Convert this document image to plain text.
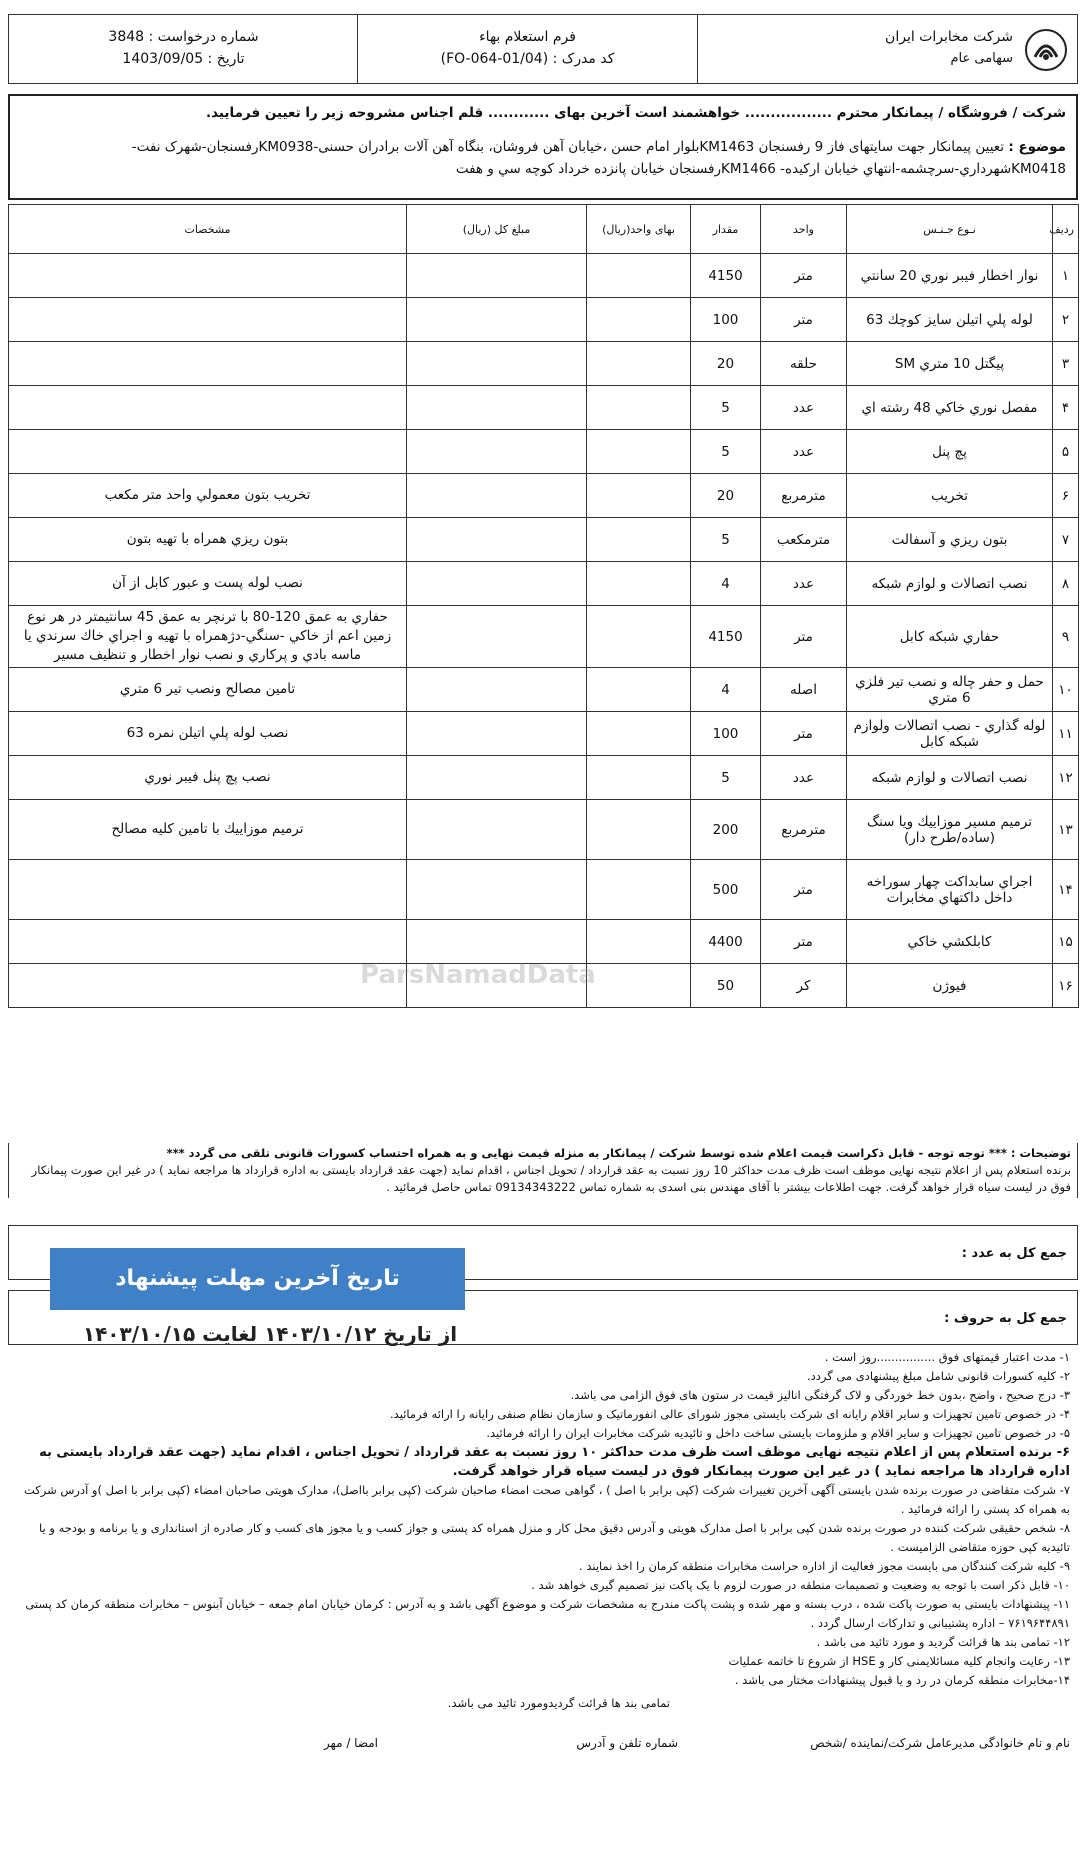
شرکت مخابرات ایران
سهامی عام
فرم استعلام بهاء
کد مدرک : (FO-064-01/04)
شماره درخواست : 3848
تاریخ : 1403/09/05
شرکت / فروشگاه / پیمانکار محترم ................. خواهشمند است آخرین بهای ............ قلم اجناس مشروحه زیر را تعیین فرمایید.
موضوع : تعیین پیمانکار جهت سایتهای فاز 9 رفسنجان KM1463بلوار امام حسن ،خیابان آهن فروشان، بنگاه آهن آلات برادران حسنی-KM0938رفسنجان-شهرک نفت- KM0418شهرداري-سرچشمه-انتهاي خيابان اركيده- KM1466رفسنجان خيابان پانزده خرداد كوچه سي و هفت
ردیف	نـوع جـنـس	واحد	مقدار	بهای واحد(ریال)	مبلغ کل (ریال)	مشخصات
۱	نوار اخطار فیبر نوري 20 سانتي	متر	4150			
۲	لوله پلي اتيلن سايز كوچك 63	متر	100			
۳	پيگتل 10 متري SM	حلقه	20			
۴	مفصل نوري خاكي 48 رشته اي	عدد	5			
۵	پچ پنل	عدد	5			
۶	تخريب	مترمربع	20			تخريب بتون معمولي واحد متر مكعب
۷	بتون ريزي و آسفالت	مترمکعب	5			بتون ريزي همراه با تهيه بتون
۸	نصب اتصالات و لوازم شبکه	عدد	4			نصب لوله پست و عبور كابل از آن
۹	حفاري شبكه كابل	متر	4150			حفاري به عمق 120-80 با ترنچر به عمق 45 سانتيمتر در هر نوع زمين اعم از خاكي -سنگي-دژهمراه با تهيه و اجراي خاك سرندي يا ماسه بادي و پركاري و نصب نوار اخطار و تنظيف مسير
۱۰	حمل و حفر چاله و نصب تير فلزي 6 متري	اصله	4			تامين مصالح ونصب تير 6 متري
۱۱	لوله گذاري - نصب اتصالات ولوازم شبكه كابل	متر	100			نصب لوله پلي اتيلن نمره 63
۱۲	نصب اتصالات و لوازم شبکه	عدد	5			نصب پچ پنل فيبر نوري
۱۳	ترميم مسير موزاييك ويا سنگ (ساده/طرح دار)	مترمربع	200			ترميم موزاييك با تامين كليه مصالح
۱۴	اجراي سابداكت چهار سوراخه داخل داكتهاي مخابرات	متر	500			
۱۵	كابلكشي خاكي	متر	4400			
۱۶	فيوژن	کر	50			
ParsNamadData
توضیحات : *** توجه توجه - قابل ذکراست قیمت اعلام شده توسط شرکت / پیمانکار به منزله قیمت نهایی و به همراه احتساب کسورات قانونی تلقی می گردد ***
برنده استعلام پس از اعلام نتیجه نهایی موظف است ظرف مدت حداکثر 10 روز نسبت به عقد قرارداد / تحویل اجناس ، اقدام نماید (جهت عقد قرارداد بایستی به اداره قرارداد ها مراجعه نماید ) در غیر این صورت پیمانکار فوق در لیست سیاه قرار خواهد گرفت. جهت اطلاعات بیشتر با آقای مهندس بنی اسدی به شماره تماس 09134343222 تماس حاصل فرمائید .
جمع کل به عدد :
جمع کل به حروف :
تاریخ آخرین مهلت پیشنهاد
از تاریخ ۱۴۰۳/۱۰/۱۲ لغایت ۱۴۰۳/۱۰/۱۵

۱- مدت اعتبار قیمتهای فوق ................روز است .

۲- کلیه کسورات قانونی شامل مبلغ پیشنهادی می گردد.

۳- درج صحیح ، واضح ،بدون خط خوردگی و لاک گرفتگی انالیز قیمت در ستون های فوق الزامی می باشد.

۴- در خصوص تامین تجهیزات و سایر اقلام رایانه ای شرکت بایستی مجوز شورای عالی انفورماتیک و سازمان نظام صنفی رایانه را ارائه فرمائید.

۵- در خصوص تامین تجهیزات و سایر اقلام و ملزومات بایستی ساخت داخل و تائیدیه شرکت مخابرات ایران را ارائه فرمائید.

۶- برنده استعلام پس از اعلام نتیجه نهایی موظف است ظرف مدت حداکثر ۱۰ روز نسبت به عقد قرارداد / تحویل اجناس ، اقدام نماید (جهت عقد قرارداد بایستی به اداره قرارداد ها مراجعه نماید ) در غیر این صورت پیمانکار فوق در لیست سیاه قرار خواهد گرفت.

۷- شرکت متقاضی در صورت برنده شدن بایستی آگهی آخرین تغییرات شرکت (کپی برابر با اصل ) ، گواهی صحت امضاء صاحبان شرکت (کپی برابر بااصل)، مدارک هویتی صاحبان امضاء (کپی برابر با اصل )و آدرس شرکت به همراه کد پستی را ارائه فرمائید .

۸- شخص حقیقی شرکت کننده در صورت برنده شدن کپی برابر با اصل مدارک هویتی و آدرس دقیق محل کار و منزل همراه کد پستی و جواز کسب و یا مجوز های کسب و کار صادره از استانداری و یا برنامه و بودجه و یا تائیدیه کپی حوزه متقاضی الزامیست .

۹- کلیه شرکت کنندگان می بایست مجوز فعالیت از اداره حراست مخابرات منطقه کرمان را اخذ نمایند .

۱۰- قابل ذکر است با توجه به وضعیت و تصمیمات منطقه در صورت لزوم با یک پاکت نیز تصمیم گیری خواهد شد .

۱۱- پیشنهادات بایستی به صورت پاکت شده ، درب بسته و مهر شده و پشت پاکت مندرج به مشخصات شرکت و موضوع آگهی باشد و به آدرس : کرمان خیابان امام جمعه – خیابان آبنوس – مخابرات منطقه کرمان کد پستی ۷۶۱۹۶۴۴۸۹۱ – اداره پشتیبانی و تدارکات ارسال گردد .

۱۲- تمامی بند ها قرائت گردید و مورد تائید می باشد .

۱۳- رعایت وانجام کلیه مسائلایمنی کار و HSE از شروع تا خاتمه عملیات

۱۴-مخابرات منطقه کرمان در رد و یا قبول پیشنهادات مختار می باشد .

تمامی بند ها قرائت گردیدومورد تائید می باشد.

نام و نام خانوادگی مدیرعامل شرکت/نماینده /شخص
شماره تلفن و آدرس
امضا / مهر
